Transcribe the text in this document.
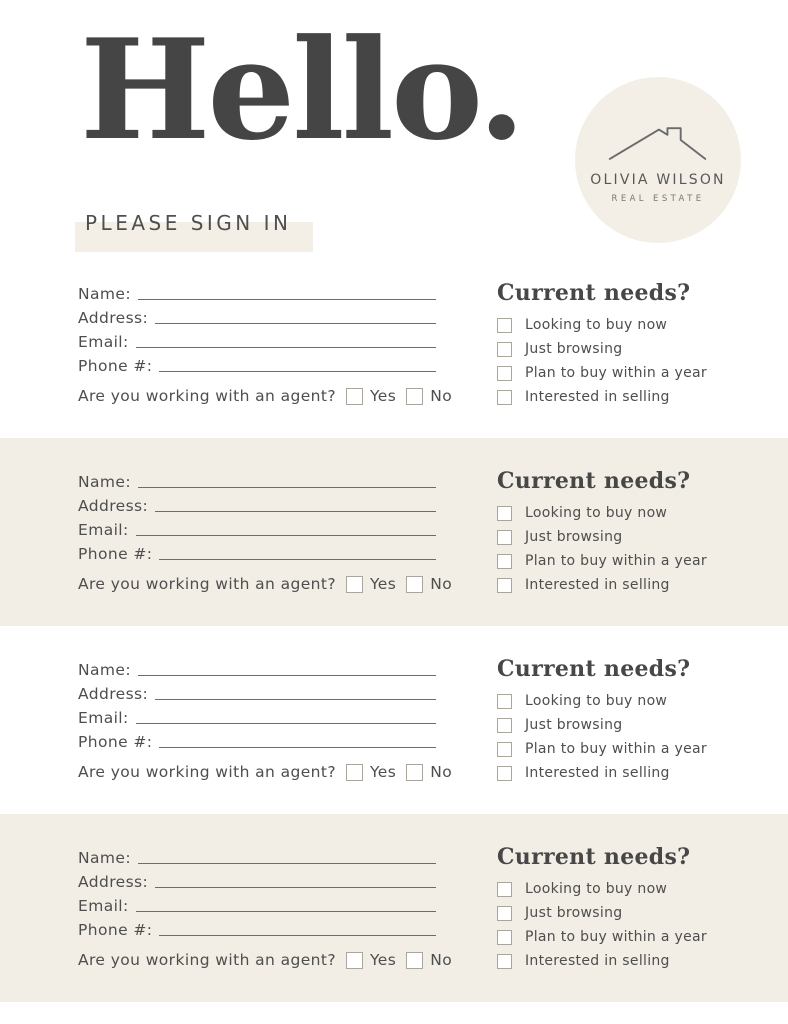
Hello.
PLEASE SIGN IN
OLIVIA WILSON
REAL ESTATE
Name:
Address:
Email:
Phone #:
Are you working with an agent? Yes No
Current needs?
Looking to buy now
Just browsing
Plan to buy within a year
Interested in selling
Name:
Address:
Email:
Phone #:
Are you working with an agent? Yes No
Current needs?
Looking to buy now
Just browsing
Plan to buy within a year
Interested in selling
Name:
Address:
Email:
Phone #:
Are you working with an agent? Yes No
Current needs?
Looking to buy now
Just browsing
Plan to buy within a year
Interested in selling
Name:
Address:
Email:
Phone #:
Are you working with an agent? Yes No
Current needs?
Looking to buy now
Just browsing
Plan to buy within a year
Interested in selling
